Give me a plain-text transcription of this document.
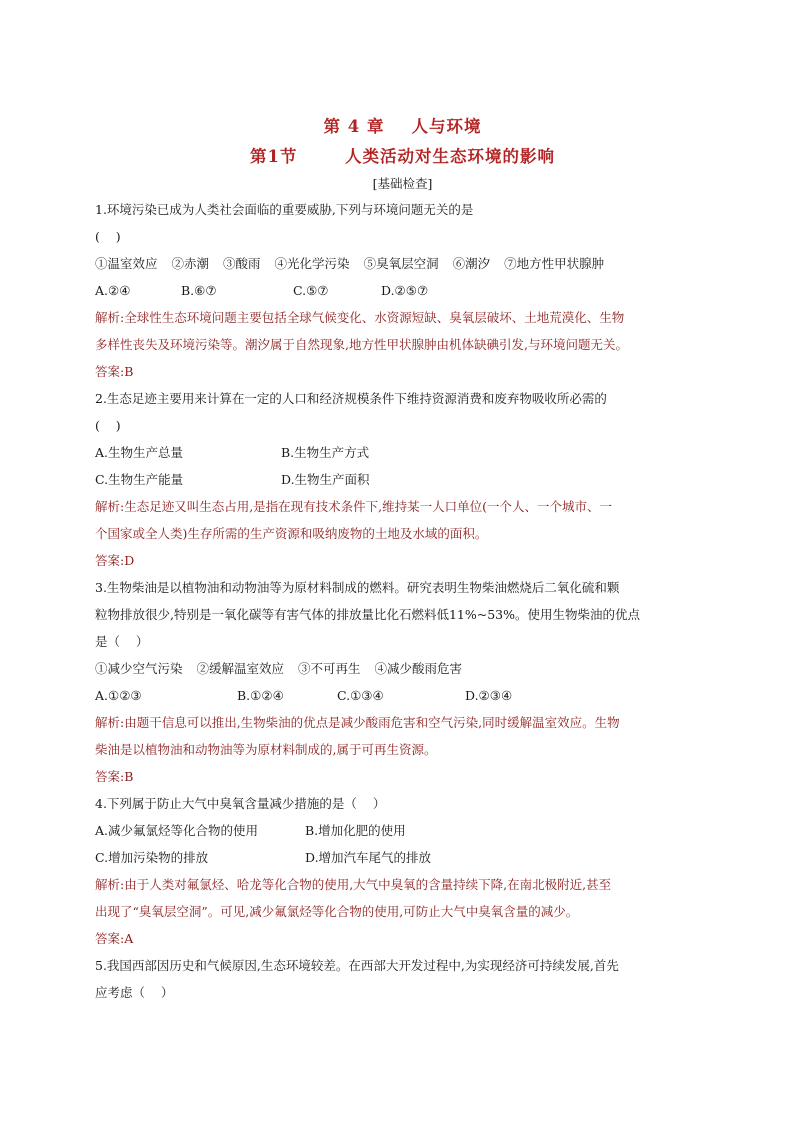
第 4 章    人与环境

第1节	人类活动对生态环境的影响

[基础检查]

1.环境污染已成为人类社会面临的重要威胁,下列与环境问题无关的是

(    )

①温室效应 ②赤潮 ③酸雨 ④光化学污染 ⑤臭氧层空洞 ⑥潮汐 ⑦地方性甲状腺肿

A.②④	B.⑥⑦	C.⑤⑦	D.②⑤⑦

解析:全球性生态环境问题主要包括全球气候变化、水资源短缺、臭氧层破坏、土地荒漠化、生物

多样性丧失及环境污染等。潮汐属于自然现象,地方性甲状腺肿由机体缺碘引发,与环境问题无关。

答案:B

2.生态足迹主要用来计算在一定的人口和经济规模条件下维持资源消费和废弃物吸收所必需的

(    )

A.生物生产总量	B.生物生产方式

C.生物生产能量	D.生物生产面积

解析:生态足迹又叫生态占用,是指在现有技术条件下,维持某一人口单位(一个人、一个城市、一

个国家或全人类)生存所需的生产资源和吸纳废物的土地及水域的面积。

答案:D

3.生物柴油是以植物油和动物油等为原材料制成的燃料。研究表明生物柴油燃烧后二氧化硫和颗

粒物排放很少,特别是一氧化碳等有害气体的排放量比化石燃料低11%~53%。使用生物柴油的优点

是（    ）

①减少空气污染 ②缓解温室效应 ③不可再生 ④减少酸雨危害

A.①②③	B.①②④	C.①③④	D.②③④

解析:由题干信息可以推出,生物柴油的优点是减少酸雨危害和空气污染,同时缓解温室效应。生物

柴油是以植物油和动物油等为原材料制成的,属于可再生资源。

答案:B

4.下列属于防止大气中臭氧含量减少措施的是（    ）

A.减少氟氯烃等化合物的使用	B.增加化肥的使用

C.增加污染物的排放	D.增加汽车尾气的排放

解析:由于人类对氟氯烃、哈龙等化合物的使用,大气中臭氧的含量持续下降,在南北极附近,甚至

出现了“臭氧层空洞”。可见,减少氟氯烃等化合物的使用,可防止大气中臭氧含量的减少。

答案:A

5.我国西部因历史和气候原因,生态环境较差。在西部大开发过程中,为实现经济可持续发展,首先

应考虑（    ）
